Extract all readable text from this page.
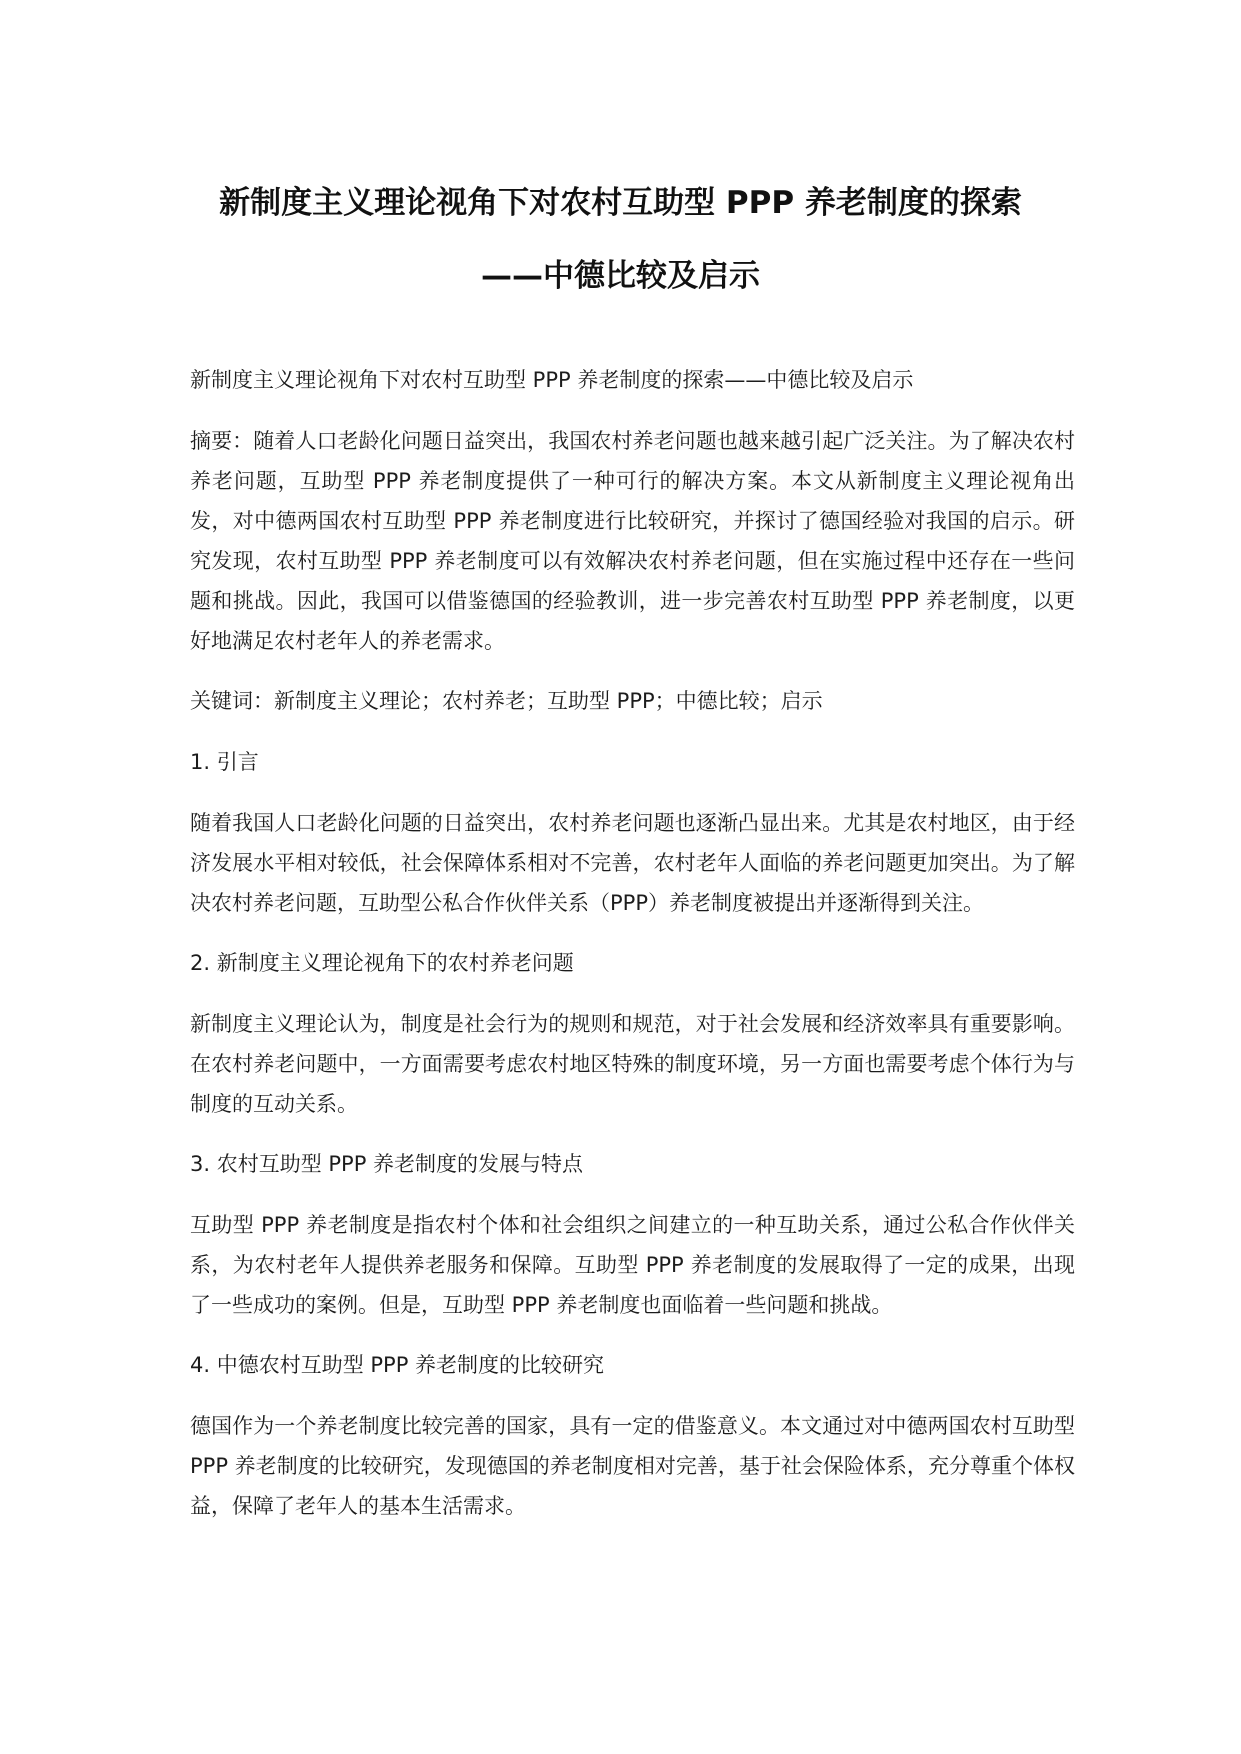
新制度主义理论视角下对农村互助型 PPP 养老制度的探索
——中德比较及启示

新制度主义理论视角下对农村互助型 PPP 养老制度的探索——中德比较及启示

摘要：随着人口老龄化问题日益突出，我国农村养老问题也越来越引起广泛关注。为了解决农村养老问题，互助型 PPP 养老制度提供了一种可行的解决方案。本文从新制度主义理论视角出发，对中德两国农村互助型 PPP 养老制度进行比较研究，并探讨了德国经验对我国的启示。研究发现，农村互助型 PPP 养老制度可以有效解决农村养老问题，但在实施过程中还存在一些问题和挑战。因此，我国可以借鉴德国的经验教训，进一步完善农村互助型 PPP 养老制度，以更好地满足农村老年人的养老需求。

关键词：新制度主义理论；农村养老；互助型 PPP；中德比较；启示

1. 引言

随着我国人口老龄化问题的日益突出，农村养老问题也逐渐凸显出来。尤其是农村地区，由于经济发展水平相对较低，社会保障体系相对不完善，农村老年人面临的养老问题更加突出。为了解决农村养老问题，互助型公私合作伙伴关系（PPP）养老制度被提出并逐渐得到关注。

2. 新制度主义理论视角下的农村养老问题

新制度主义理论认为，制度是社会行为的规则和规范，对于社会发展和经济效率具有重要影响。在农村养老问题中，一方面需要考虑农村地区特殊的制度环境，另一方面也需要考虑个体行为与制度的互动关系。

3. 农村互助型 PPP 养老制度的发展与特点

互助型 PPP 养老制度是指农村个体和社会组织之间建立的一种互助关系，通过公私合作伙伴关系，为农村老年人提供养老服务和保障。互助型 PPP 养老制度的发展取得了一定的成果，出现了一些成功的案例。但是，互助型 PPP 养老制度也面临着一些问题和挑战。

4. 中德农村互助型 PPP 养老制度的比较研究

德国作为一个养老制度比较完善的国家，具有一定的借鉴意义。本文通过对中德两国农村互助型 PPP 养老制度的比较研究，发现德国的养老制度相对完善，基于社会保险体系，充分尊重个体权益，保障了老年人的基本生活需求。
